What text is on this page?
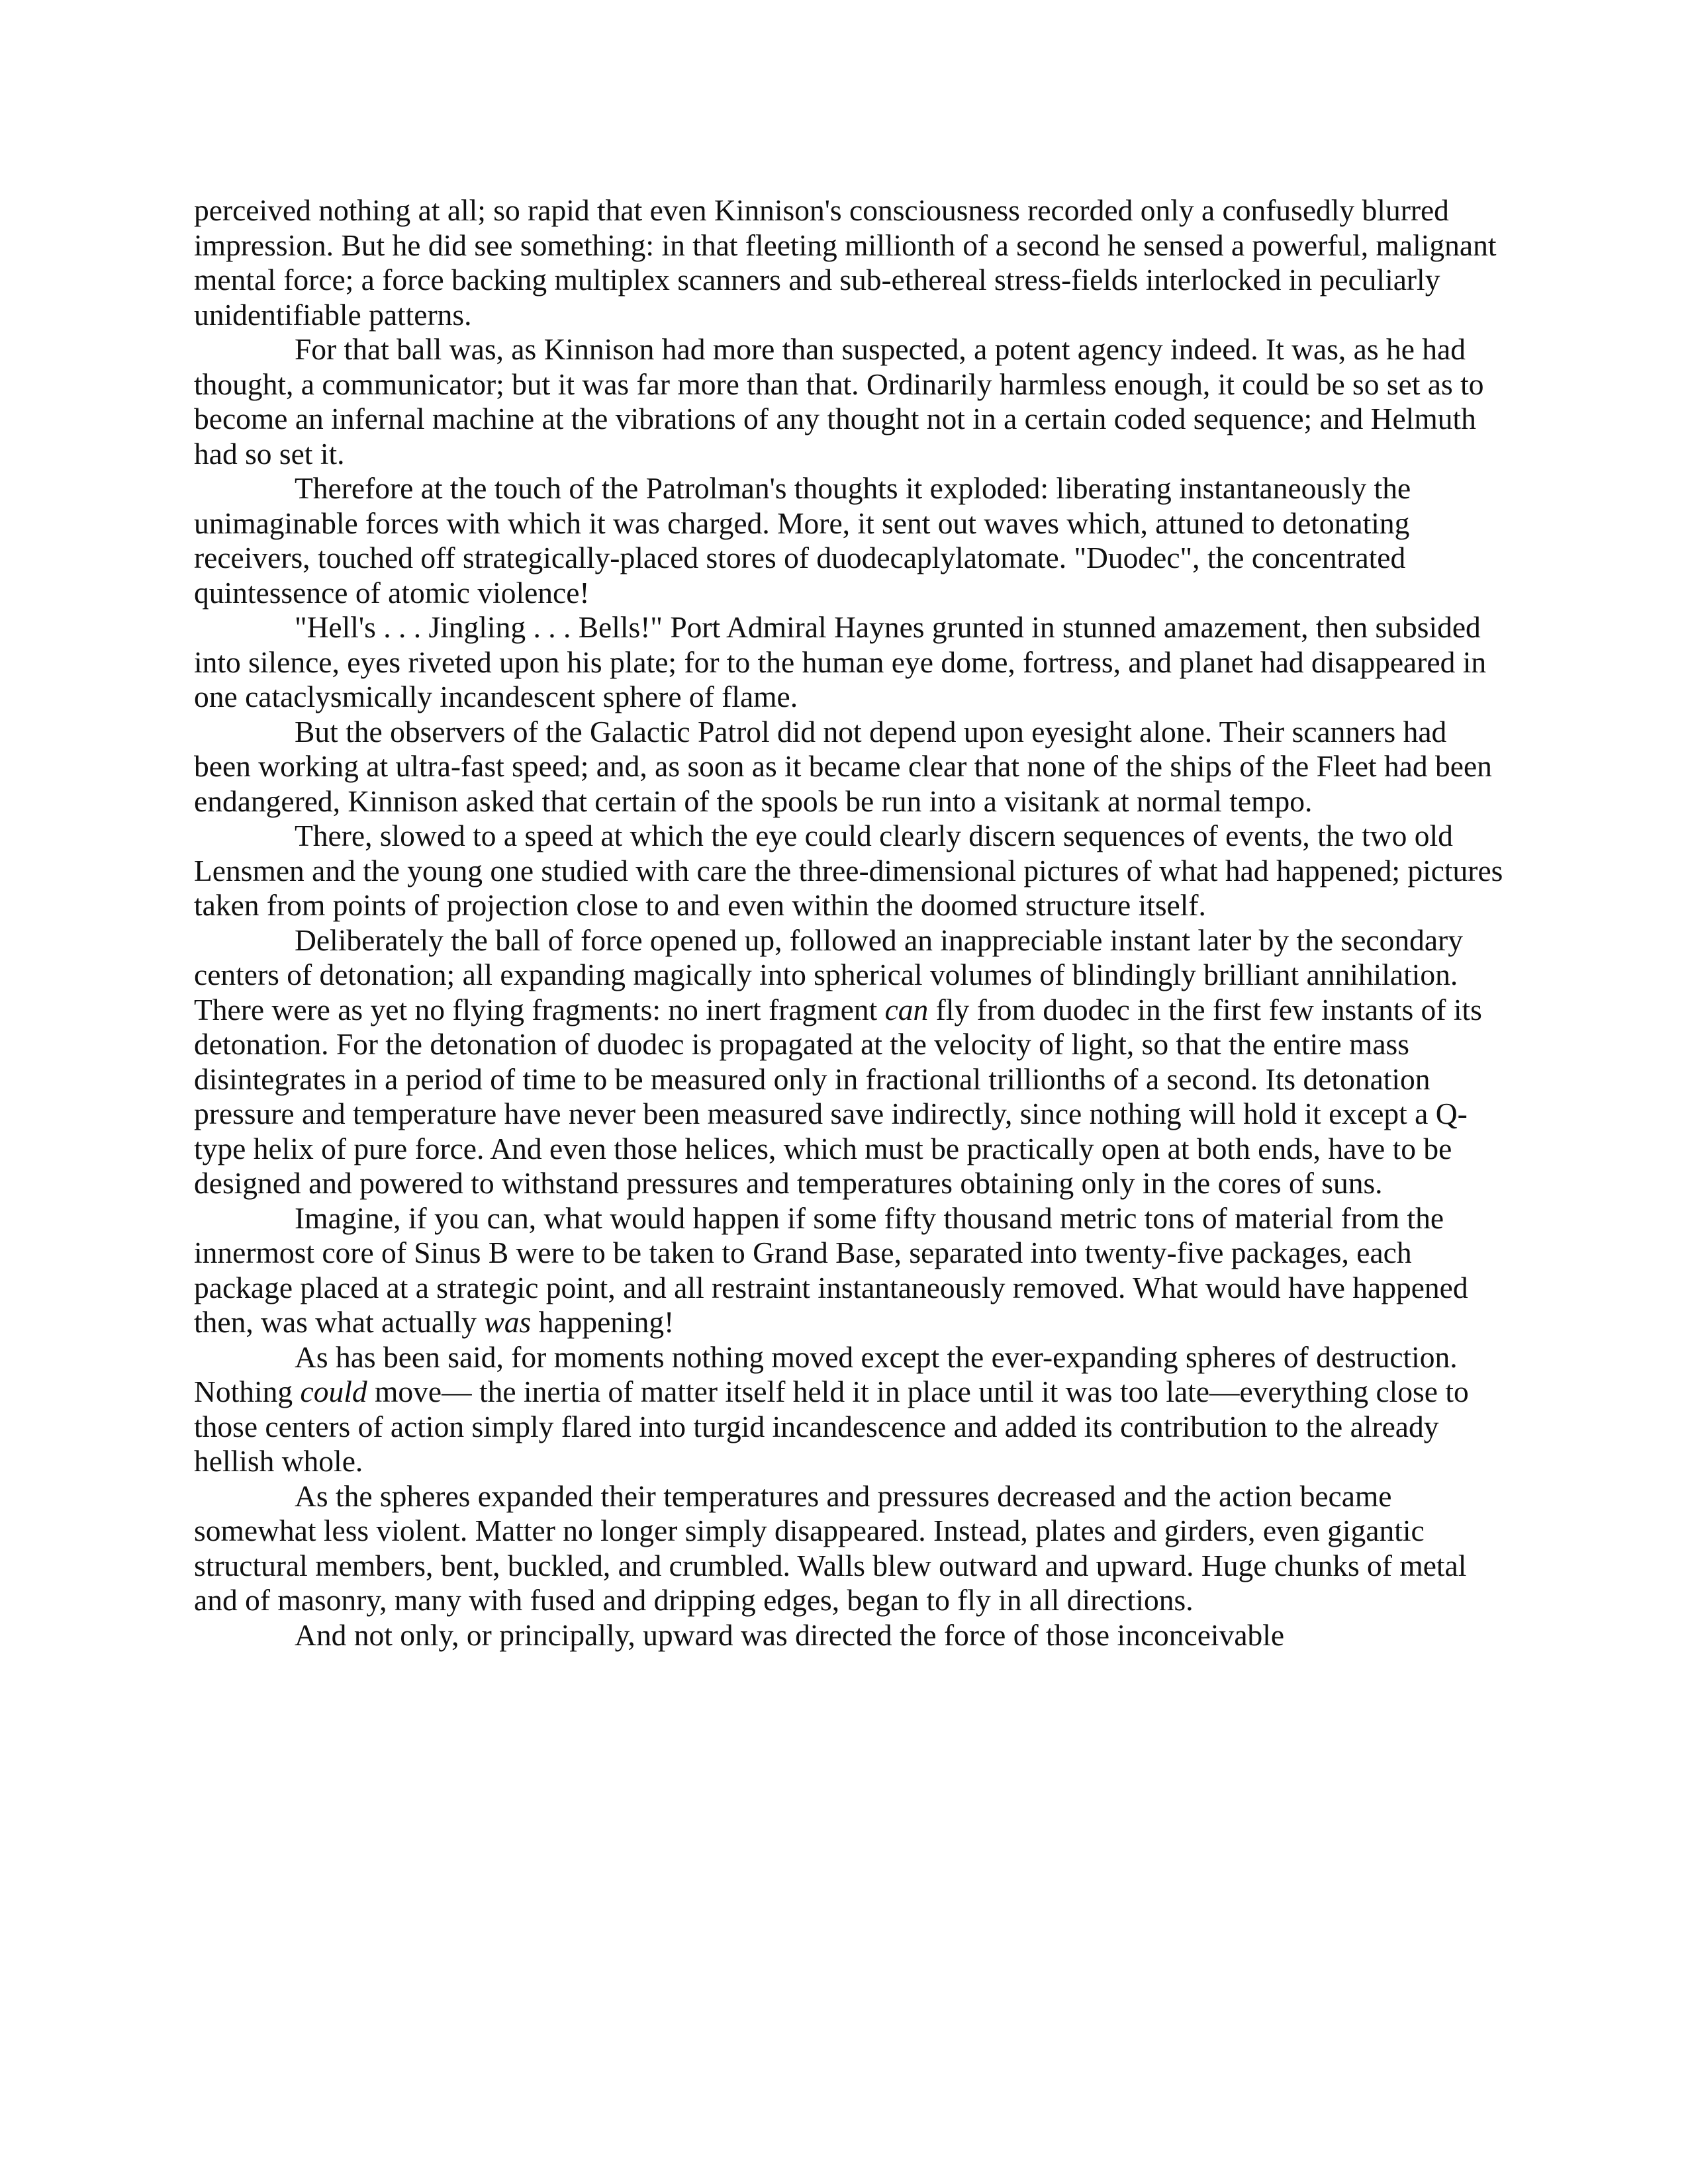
perceived nothing at all; so rapid that even Kinnison's consciousness recorded only a confusedly blurred impression. But he did see something: in that fleeting millionth of a second he sensed a powerful, malignant mental force; a force backing multiplex scanners and sub-ethereal stress-fields interlocked in peculiarly unidentifiable patterns.

For that ball was, as Kinnison had more than suspected, a potent agency indeed. It was, as he had thought, a communicator; but it was far more than that. Ordinarily harmless enough, it could be so set as to become an infernal machine at the vibrations of any thought not in a certain coded sequence; and Helmuth had so set it.

Therefore at the touch of the Patrolman's thoughts it exploded: liberating instantaneously the unimaginable forces with which it was charged. More, it sent out waves which, attuned to detonating receivers, touched off strategically-placed stores of duodecaplylatomate. "Duodec", the concentrated quintessence of atomic violence!

"Hell's . . . Jingling . . . Bells!" Port Admiral Haynes grunted in stunned amazement, then subsided into silence, eyes riveted upon his plate; for to the human eye dome, fortress, and planet had disappeared in one cataclysmically incandescent sphere of flame.

But the observers of the Galactic Patrol did not depend upon eyesight alone. Their scanners had been working at ultra-fast speed; and, as soon as it became clear that none of the ships of the Fleet had been endangered, Kinnison asked that certain of the spools be run into a visitank at normal tempo.

There, slowed to a speed at which the eye could clearly discern sequences of events, the two old Lensmen and the young one studied with care the three-dimensional pictures of what had happened; pictures taken from points of projection close to and even within the doomed structure itself.

Deliberately the ball of force opened up, followed an inappreciable instant later by the secondary centers of detonation; all expanding magically into spherical volumes of blindingly brilliant annihilation. There were as yet no flying fragments: no inert fragment can fly from duodec in the first few instants of its detonation. For the detonation of duodec is propagated at the velocity of light, so that the entire mass disintegrates in a period of time to be measured only in fractional trillionths of a second. Its detonation pressure and temperature have never been measured save indirectly, since nothing will hold it except a Q-type helix of pure force. And even those helices, which must be practically open at both ends, have to be designed and powered to withstand pressures and temperatures obtaining only in the cores of suns.

Imagine, if you can, what would happen if some fifty thousand metric tons of material from the innermost core of Sinus B were to be taken to Grand Base, separated into twenty-five packages, each package placed at a strategic point, and all restraint instantaneously removed. What would have happened then, was what actually was happening!

As has been said, for moments nothing moved except the ever-expanding spheres of destruction. Nothing could move— the inertia of matter itself held it in place until it was too late—everything close to those centers of action simply flared into turgid incandescence and added its contribution to the already hellish whole.

As the spheres expanded their temperatures and pressures decreased and the action became somewhat less violent. Matter no longer simply disappeared. Instead, plates and girders, even gigantic structural members, bent, buckled, and crumbled. Walls blew outward and upward. Huge chunks of metal and of masonry, many with fused and dripping edges, began to fly in all directions.

And not only, or principally, upward was directed the force of those inconceivable
